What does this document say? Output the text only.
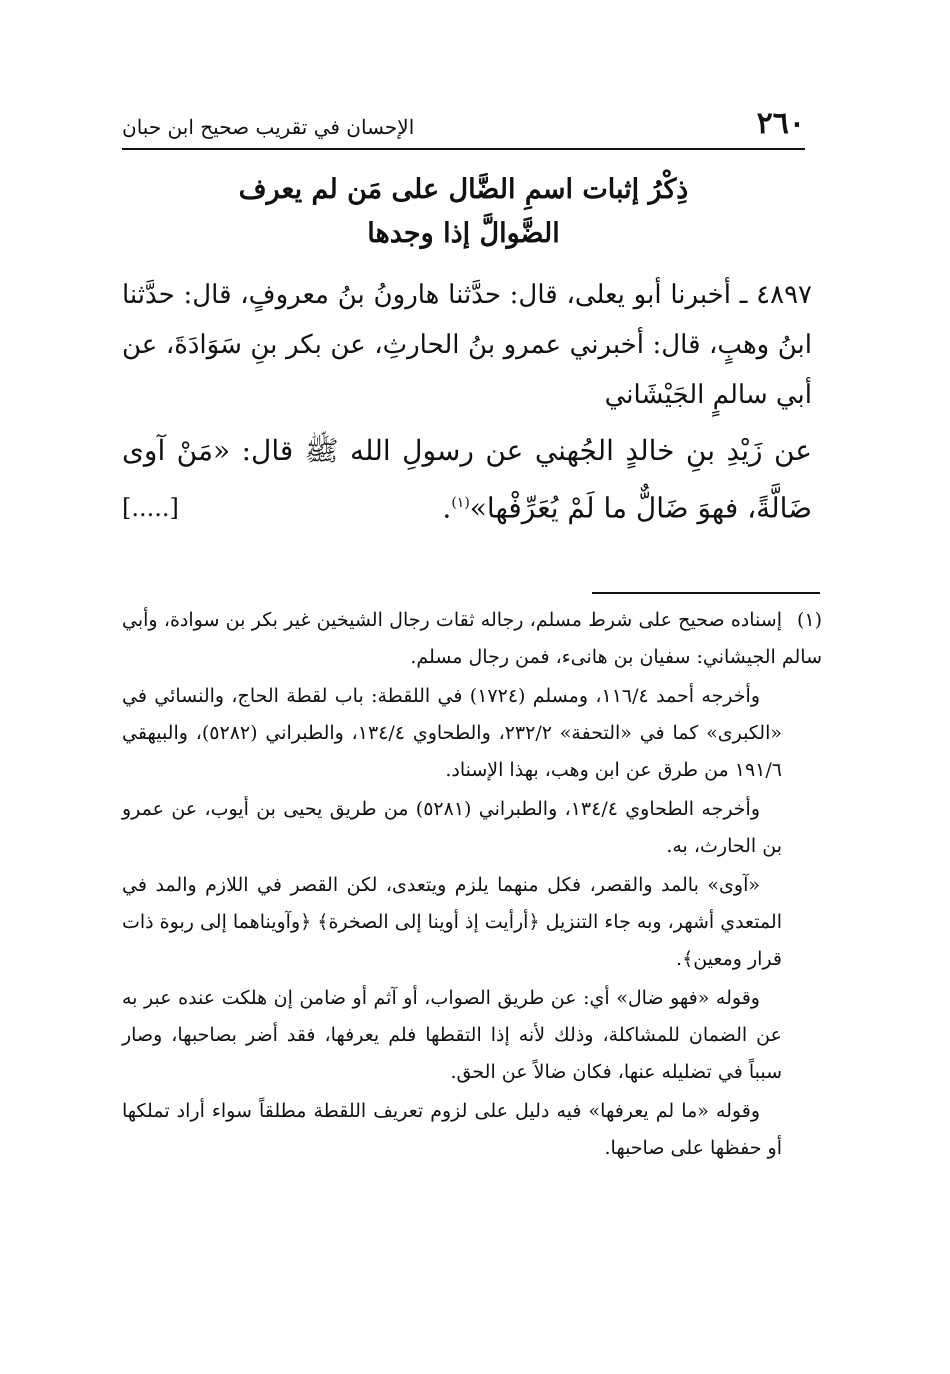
٢٦٠
الإحسان في تقريب صحيح ابن حبان
ذِكْرُ إثبات اسمِ الضَّال على مَن لم يعرف
الضَّوالَّ إذا وجدها
٤٨٩٧ ـ أخبرنا أبو يعلى، قال: حدَّثنا هارونُ بنُ معروفٍ، قال: حدَّثنا ابنُ وهبٍ، قال: أخبرني عمرو بنُ الحارثِ، عن بكر بنِ سَوَادَةَ، عن أبي سالمٍ الجَيْشَاني
عن زَيْدِ بنِ خالدٍ الجُهني عن رسولِ الله ﷺ قال: «مَنْ آوى ضَالَّةً، فهوَ ضَالٌّ ما لَمْ يُعَرِّفْها»$^{(١)}$.
[.....]

(١)إسناده صحيح على شرط مسلم، رجاله ثقات رجال الشيخين غير بكر بن سوادة، وأبي سالم الجيشاني: سفيان بن هانىء، فمن رجال مسلم.

وأخرجه أحمد ١١٦/٤، ومسلم (١٧٢٤) في اللقطة: باب لقطة الحاج، والنسائي في «الكبرى» كما في «التحفة» ٢٣٢/٢، والطحاوي ١٣٤/٤، والطبراني (٥٢٨٢)، والبيهقي ١٩١/٦ من طرق عن ابن وهب، بهذا الإسناد.

وأخرجه الطحاوي ١٣٤/٤، والطبراني (٥٢٨١) من طريق يحيى بن أيوب، عن عمرو بن الحارث، به.

«آوى» بالمد والقصر، فكل منهما يلزم ويتعدى، لكن القصر في اللازم والمد في المتعدي أشهر، وبه جاء التنزيل ﴿أرأيت إذ أوينا إلى الصخرة﴾ ﴿وآويناهما إلى ربوة ذات قرار ومعين﴾.

وقوله «فهو ضال» أي: عن طريق الصواب، أو آثم أو ضامن إن هلكت عنده عبر به عن الضمان للمشاكلة، وذلك لأنه إذا التقطها فلم يعرفها، فقد أضر بصاحبها، وصار سبباً في تضليله عنها، فكان ضالاً عن الحق.

وقوله «ما لم يعرفها» فيه دليل على لزوم تعريف اللقطة مطلقاً سواء أراد تملكها أو حفظها على صاحبها.
